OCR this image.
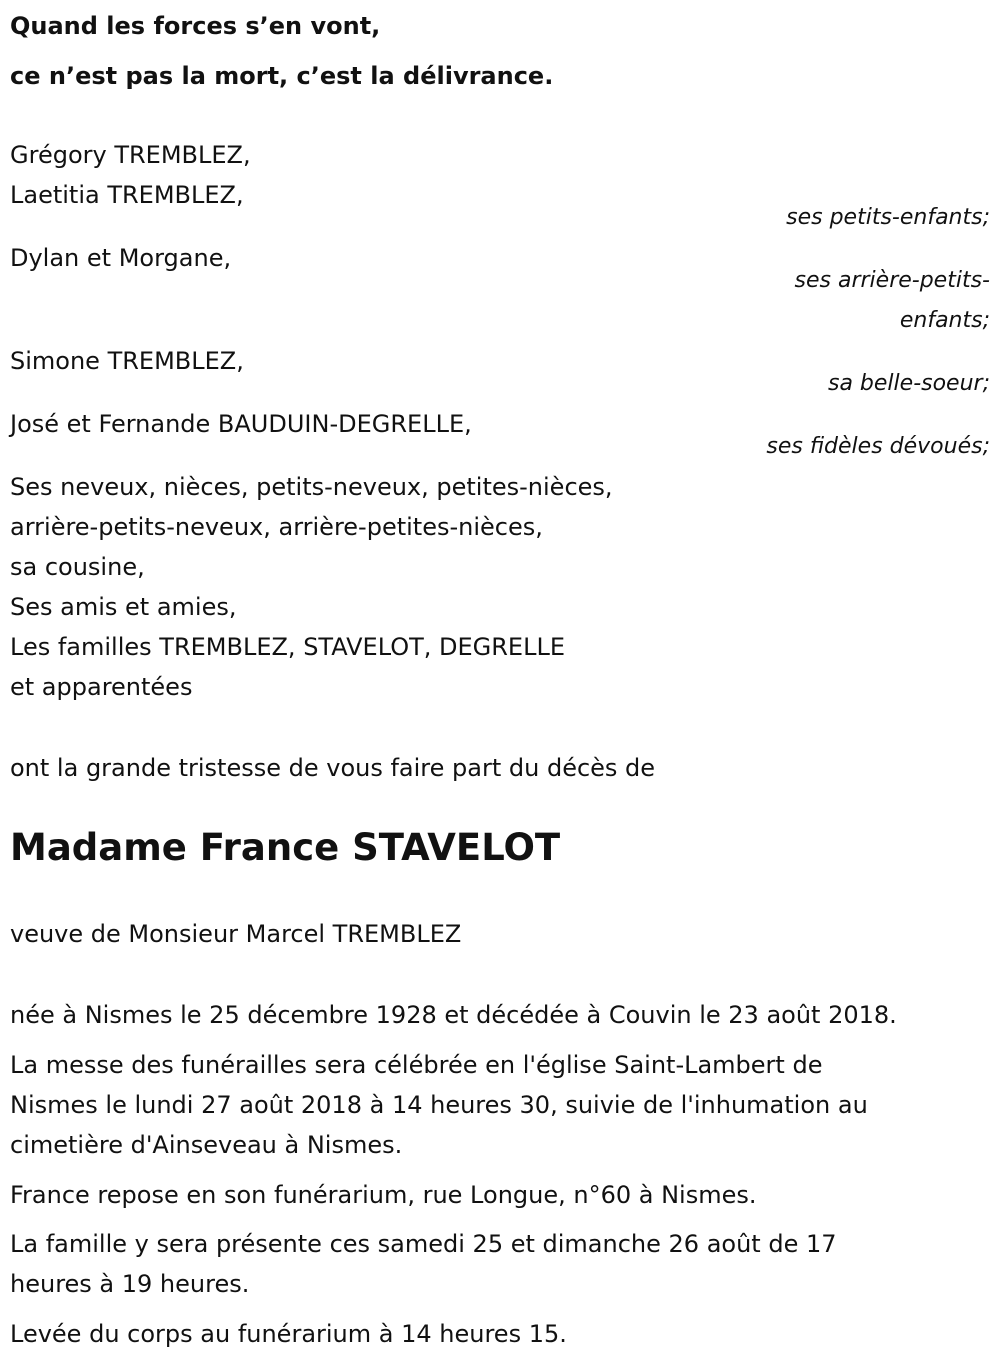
Quand les forces s’en vont,
ce n’est pas la mort, c’est la délivrance.
Grégory TREMBLEZ,
Laetitia TREMBLEZ,
ses petits-enfants;
Dylan et Morgane,
ses arrière-petits-
enfants;
Simone TREMBLEZ,
sa belle-soeur;
José et Fernande BAUDUIN-DEGRELLE,
ses fidèles dévoués;
Ses neveux, nièces, petits-neveux, petites-nièces,
arrière-petits-neveux, arrière-petites-nièces,
sa cousine,
Ses amis et amies,
Les familles TREMBLEZ, STAVELOT, DEGRELLE
et apparentées
ont la grande tristesse de vous faire part du décès de
Madame France STAVELOT
veuve de Monsieur Marcel TREMBLEZ
née à Nismes le 25 décembre 1928 et décédée à Couvin le 23 août 2018.
La messe des funérailles sera célébrée en l'église Saint-Lambert de
Nismes le lundi 27 août 2018 à 14 heures 30, suivie de l'inhumation au
cimetière d'Ainseveau à Nismes.
France repose en son funérarium, rue Longue, n°60 à Nismes.
La famille y sera présente ces samedi 25 et dimanche 26 août de 17
heures à 19 heures.
Levée du corps au funérarium à 14 heures 15.
